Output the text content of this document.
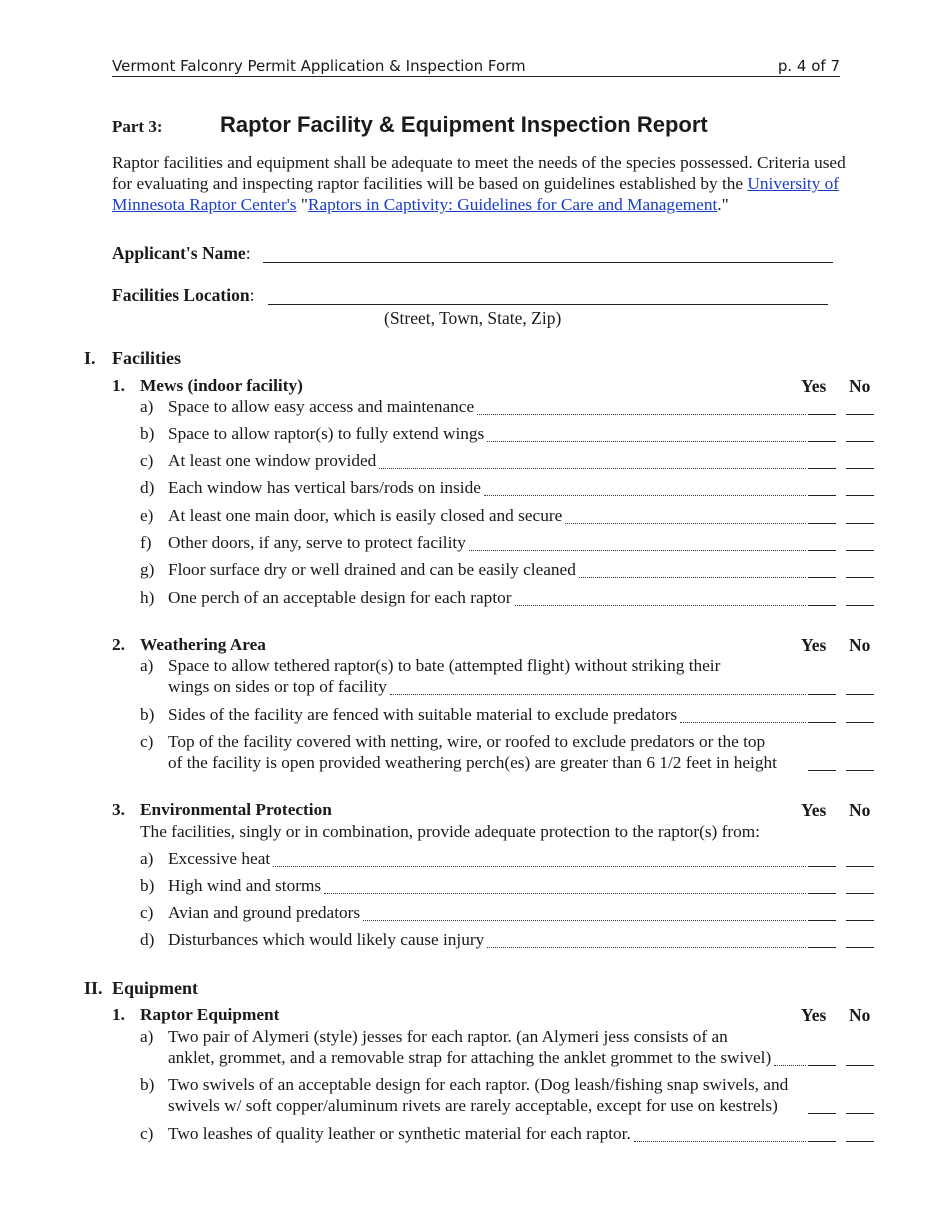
Vermont Falconry Permit Application & Inspection Form	p. 4 of 7
Part 3:	Raptor Facility & Equipment Inspection Report
Raptor facilities and equipment shall be adequate to meet the needs of the species possessed. Criteria used for evaluating and inspecting raptor facilities will be based on guidelines established by the University of Minnesota Raptor Center's "Raptors in Captivity: Guidelines for Care and Management."
Applicant's Name:
Facilities Location:
(Street, Town, State, Zip)
I. Facilities
1. Mews (indoor facility)	Yes No
a) Space to allow easy access and maintenance
b) Space to allow raptor(s) to fully extend wings
c) At least one window provided
d) Each window has vertical bars/rods on inside
e) At least one main door, which is easily closed and secure
f) Other doors, if any, serve to protect facility
g) Floor surface dry or well drained and can be easily cleaned
h) One perch of an acceptable design for each raptor
2. Weathering Area	Yes No
a) Space to allow tethered raptor(s) to bate (attempted flight) without striking their
wings on sides or top of facility
b) Sides of the facility are fenced with suitable material to exclude predators
c) Top of the facility covered with netting, wire, or roofed to exclude predators or the top
of the facility is open provided weathering perch(es) are greater than 6 1/2 feet in height
3. Environmental Protection	Yes No
The facilities, singly or in combination, provide adequate protection to the raptor(s) from:
a) Excessive heat
b) High wind and storms
c) Avian and ground predators
d) Disturbances which would likely cause injury
II. Equipment
1. Raptor Equipment	Yes No
a) Two pair of Alymeri (style) jesses for each raptor. (an Alymeri jess consists of an
anklet, grommet, and a removable strap for attaching the anklet grommet to the swivel)
b) Two swivels of an acceptable design for each raptor. (Dog leash/fishing snap swivels, and
swivels w/ soft copper/aluminum rivets are rarely acceptable, except for use on kestrels)
c) Two leashes of quality leather or synthetic material for each raptor.
